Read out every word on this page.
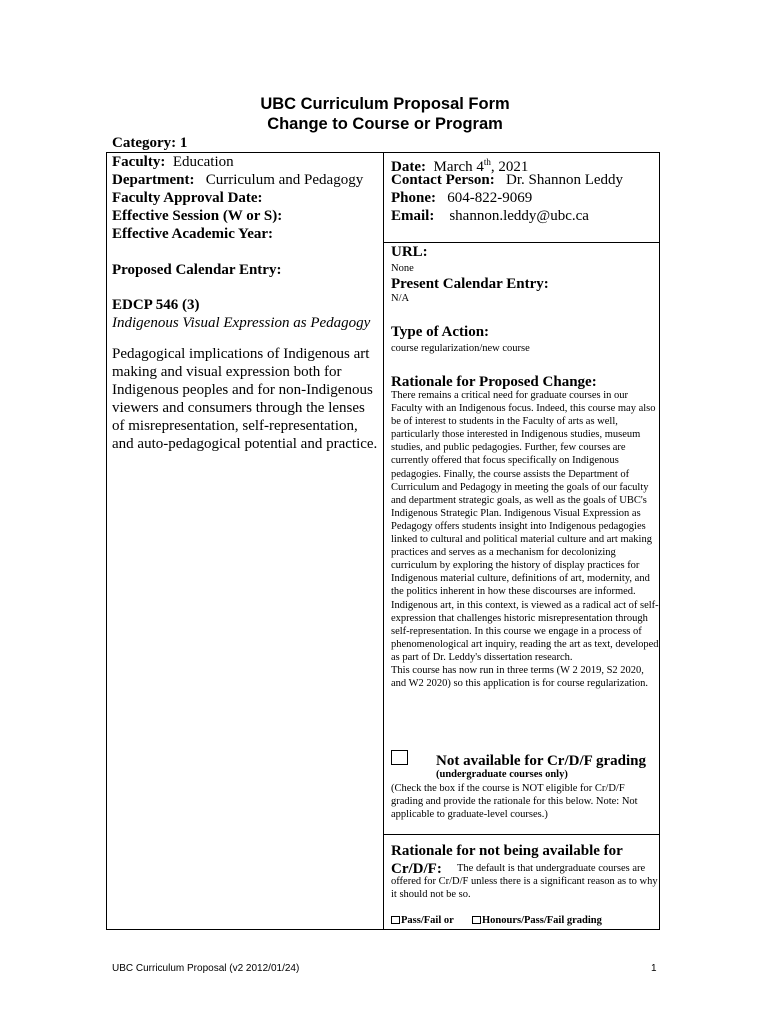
UBC Curriculum Proposal Form
Change to Course or Program
Category: 1
Faculty: Education
Department: Curriculum and Pedagogy
Faculty Approval Date:
Effective Session (W or S):
Effective Academic Year:
Date: March 4th, 2021
Contact Person: Dr. Shannon Leddy
Phone: 604-822-9069
Email: shannon.leddy@ubc.ca
Proposed Calendar Entry:
EDCP 546 (3)
Indigenous Visual Expression as Pedagogy
Pedagogical implications of Indigenous art making and visual expression both for Indigenous peoples and for non-Indigenous viewers and consumers through the lenses of misrepresentation, self-representation, and auto-pedagogical potential and practice.
URL:
None
Present Calendar Entry:
N/A
Type of Action:
course regularization/new course
Rationale for Proposed Change:

There remains a critical need for graduate courses in our Faculty with an Indigenous focus. Indeed, this course may also be of interest to students in the Faculty of arts as well, particularly those interested in Indigenous studies, museum studies, and public pedagogies. Further, few courses are currently offered that focus specifically on Indigenous pedagogies. Finally, the course assists the Department of Curriculum and Pedagogy in meeting the goals of our faculty and department strategic goals, as well as the goals of UBC's Indigenous Strategic Plan. Indigenous Visual Expression as Pedagogy offers students insight into Indigenous pedagogies linked to cultural and political material culture and art making practices and serves as a mechanism for decolonizing curriculum by exploring the history of display practices for Indigenous material culture, definitions of art, modernity, and the politics inherent in how these discourses are informed. Indigenous art, in this context, is viewed as a radical act of self-expression that challenges historic misrepresentation through self-representation. In this course we engage in a process of phenomenological art inquiry, reading the art as text, developed as part of Dr. Leddy's dissertation research.

This course has now run in three terms (W 2 2019, S2 2020, and W2 2020) so this application is for course regularization.

Not available for Cr/D/F grading
(undergraduate courses only)
(Check the box if the course is NOT eligible for Cr/D/F grading and provide the rationale for this below. Note: Not applicable to graduate-level courses.)
Rationale for not being available for Cr/D/F:	The default is that undergraduate courses are offered for Cr/D/F unless there is a significant reason as to why it should not be so.
Pass/Fail or	Honours/Pass/Fail grading
UBC Curriculum Proposal (v2 2012/01/24)	1
